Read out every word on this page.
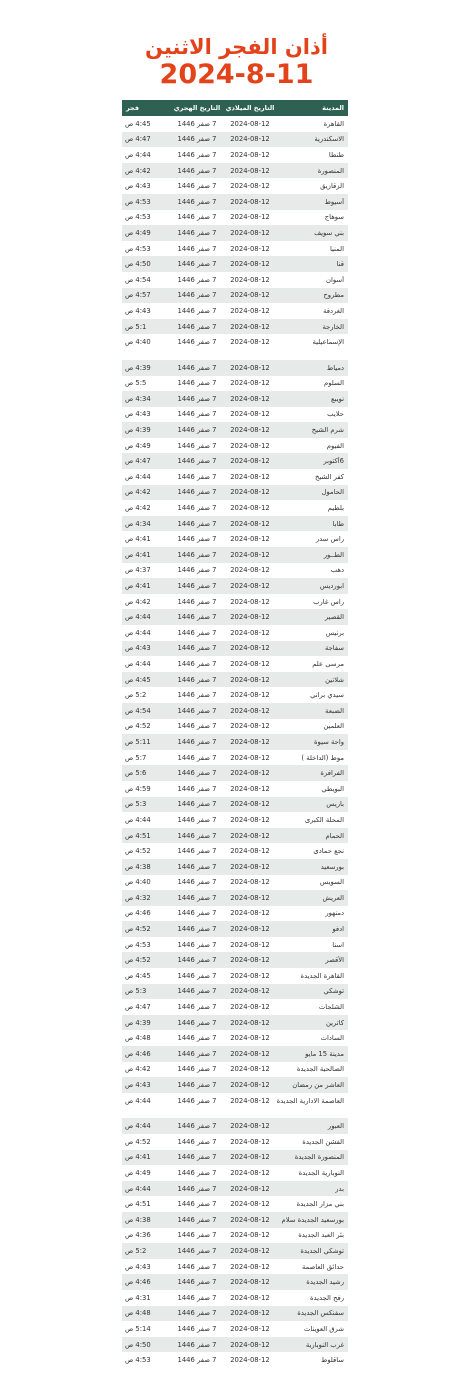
أذان الفجر الاثنين
2024-8-11
المدينة
التاريخ الميلادي
التاريخ الهجري
فجر
القاهرة
2024-08-12
7 صفر 1446
4:45 ص
الاسكندرية
2024-08-12
7 صفر 1446
4:47 ص
طنطا
2024-08-12
7 صفر 1446
4:44 ص
المنصورة
2024-08-12
7 صفر 1446
4:42 ص
الزقازيق
2024-08-12
7 صفر 1446
4:43 ص
أسيوط
2024-08-12
7 صفر 1446
4:53 ص
سوهاج
2024-08-12
7 صفر 1446
4:53 ص
بني سويف
2024-08-12
7 صفر 1446
4:49 ص
المنيا
2024-08-12
7 صفر 1446
4:53 ص
قنا
2024-08-12
7 صفر 1446
4:50 ص
أسوان
2024-08-12
7 صفر 1446
4:54 ص
مطروح
2024-08-12
7 صفر 1446
4:57 ص
الغردقة
2024-08-12
7 صفر 1446
4:43 ص
الخارجة
2024-08-12
7 صفر 1446
5:1 ص
الإسماعيلية
2024-08-12
7 صفر 1446
4:40 ص
دمياط
2024-08-12
7 صفر 1446
4:39 ص
السلوم
2024-08-12
7 صفر 1446
5:5 ص
نويبع
2024-08-12
7 صفر 1446
4:34 ص
حلايب
2024-08-12
7 صفر 1446
4:43 ص
شرم الشيخ
2024-08-12
7 صفر 1446
4:39 ص
الفيوم
2024-08-12
7 صفر 1446
4:49 ص
6أكتوبر
2024-08-12
7 صفر 1446
4:47 ص
كفر الشيخ
2024-08-12
7 صفر 1446
4:44 ص
الحامول
2024-08-12
7 صفر 1446
4:42 ص
بلطيم
2024-08-12
7 صفر 1446
4:42 ص
طابا
2024-08-12
7 صفر 1446
4:34 ص
راس سدر
2024-08-12
7 صفر 1446
4:41 ص
الطــور
2024-08-12
7 صفر 1446
4:41 ص
دهب
2024-08-12
7 صفر 1446
4:37 ص
ابورديس
2024-08-12
7 صفر 1446
4:41 ص
راس غارب
2024-08-12
7 صفر 1446
4:42 ص
القصير
2024-08-12
7 صفر 1446
4:44 ص
برنيس
2024-08-12
7 صفر 1446
4:44 ص
سفاجة
2024-08-12
7 صفر 1446
4:43 ص
مرسى علم
2024-08-12
7 صفر 1446
4:44 ص
شلاتين
2024-08-12
7 صفر 1446
4:45 ص
سيدي براني
2024-08-12
7 صفر 1446
5:2 ص
الضبعة
2024-08-12
7 صفر 1446
4:54 ص
العلمين
2024-08-12
7 صفر 1446
4:52 ص
واحة سيوة
2024-08-12
7 صفر 1446
5:11 ص
موط (الداخلة )
2024-08-12
7 صفر 1446
5:7 ص
الفرافرة
2024-08-12
7 صفر 1446
5:6 ص
البويطي
2024-08-12
7 صفر 1446
4:59 ص
باريس
2024-08-12
7 صفر 1446
5:3 ص
المحلة الكبرى
2024-08-12
7 صفر 1446
4:44 ص
الحمام
2024-08-12
7 صفر 1446
4:51 ص
نجع حمادى
2024-08-12
7 صفر 1446
4:52 ص
بورسعيد
2024-08-12
7 صفر 1446
4:38 ص
السويس
2024-08-12
7 صفر 1446
4:40 ص
العريش
2024-08-12
7 صفر 1446
4:32 ص
دمنهور
2024-08-12
7 صفر 1446
4:46 ص
ادفو
2024-08-12
7 صفر 1446
4:52 ص
اسنا
2024-08-12
7 صفر 1446
4:53 ص
الأقصر
2024-08-12
7 صفر 1446
4:52 ص
القاهرة الجديدة
2024-08-12
7 صفر 1446
4:45 ص
توشكي
2024-08-12
7 صفر 1446
5:3 ص
الشلجات
2024-08-12
7 صفر 1446
4:47 ص
كاترين
2024-08-12
7 صفر 1446
4:39 ص
السادات
2024-08-12
7 صفر 1446
4:48 ص
مدينة 15 مايو
2024-08-12
7 صفر 1446
4:46 ص
الصالحية الجديدة
2024-08-12
7 صفر 1446
4:42 ص
العاشر من رمضان
2024-08-12
7 صفر 1446
4:43 ص
العاصمة الادارية الجديدة
2024-08-12
7 صفر 1446
4:44 ص
العبور
2024-08-12
7 صفر 1446
4:44 ص
الفشن الجديدة
2024-08-12
7 صفر 1446
4:52 ص
المنصورة الجديدة
2024-08-12
7 صفر 1446
4:41 ص
النوبارية الجديدة
2024-08-12
7 صفر 1446
4:49 ص
بدر
2024-08-12
7 صفر 1446
4:44 ص
بني مزار الجديدة
2024-08-12
7 صفر 1446
4:51 ص
بورسعيد الجديدة سلام
2024-08-12
7 صفر 1446
4:38 ص
بئر العبد الجديدة
2024-08-12
7 صفر 1446
4:36 ص
توشكي الجديدة
2024-08-12
7 صفر 1446
5:2 ص
حدائق العاصمة
2024-08-12
7 صفر 1446
4:43 ص
رشيد الجديدة
2024-08-12
7 صفر 1446
4:46 ص
رفح الجديدة
2024-08-12
7 صفر 1446
4:31 ص
سفنكس الجديدة
2024-08-12
7 صفر 1446
4:48 ص
شرق العوينات
2024-08-12
7 صفر 1446
5:14 ص
غرب النوبارية
2024-08-12
7 صفر 1446
4:50 ص
ساقلوط
2024-08-12
7 صفر 1446
4:53 ص
